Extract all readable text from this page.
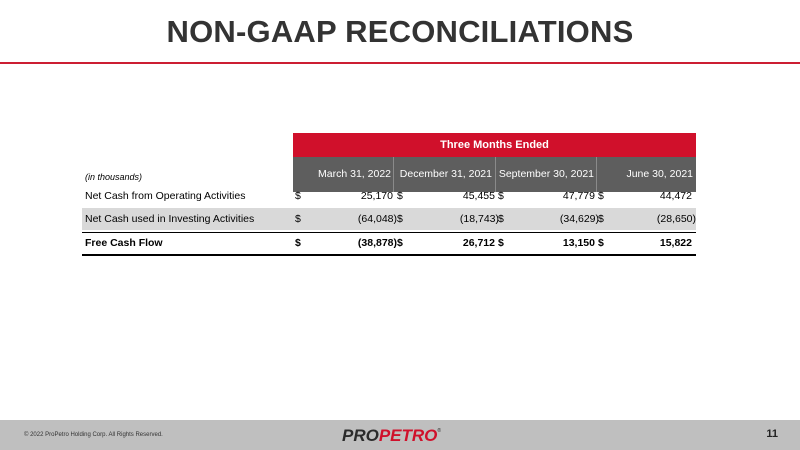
NON-GAAP RECONCILIATIONS
Three Months Ended
March 31, 2022 December 31, 2021 September 30, 2021	June 30, 2021
(in thousands)
Net Cash from Operating Activities	$	25,170 $	45,455 $	47,779 $	44,472
Net Cash used in Investing Activities	$	(64,048) $	(18,743) $	(34,629) $	(28,650)
Free Cash Flow	$	(38,878) $	26,712 $	13,150 $	15,822
© 2022 ProPetro Holding Corp. All Rights Reserved.	PROPETRO®	11
